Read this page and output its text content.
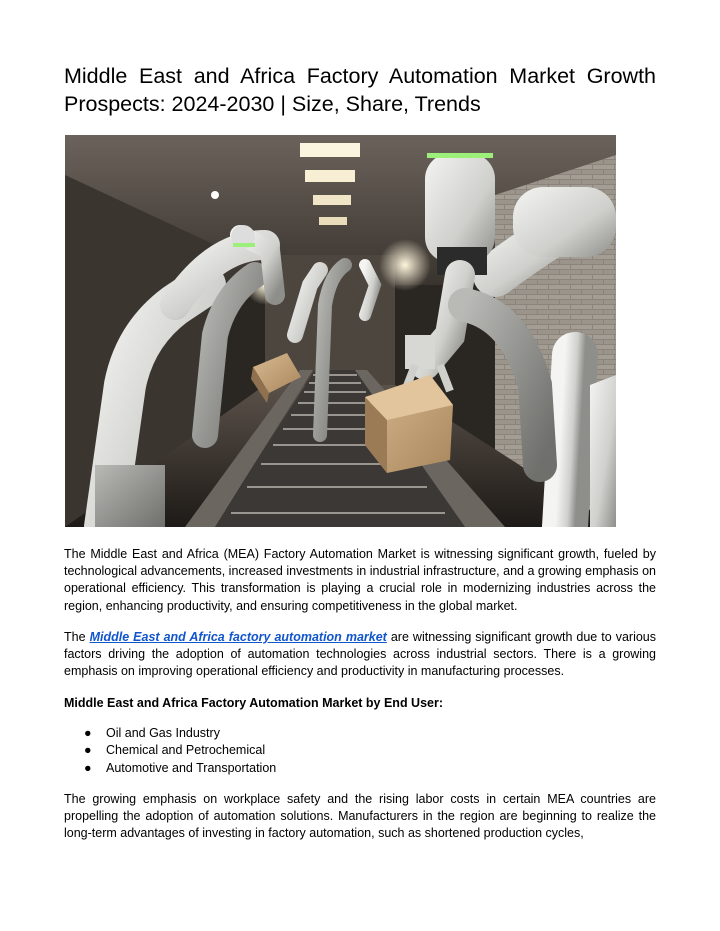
Middle East and Africa Factory Automation Market Growth Prospects: 2024-2030 | Size, Share, Trends

The Middle East and Africa (MEA) Factory Automation Market is witnessing significant growth, fueled by technological advancements, increased investments in industrial infrastructure, and a growing emphasis on operational efficiency. This transformation is playing a crucial role in modernizing industries across the region, enhancing productivity, and ensuring competitiveness in the global market.

The Middle East and Africa factory automation market are witnessing significant growth due to various factors driving the adoption of automation technologies across industrial sectors. There is a growing emphasis on improving operational efficiency and productivity in manufacturing processes.

Middle East and Africa Factory Automation Market by End User:

● Oil and Gas Industry
● Chemical and Petrochemical
● Automotive and Transportation

The growing emphasis on workplace safety and the rising labor costs in certain MEA countries are propelling the adoption of automation solutions. Manufacturers in the region are beginning to realize the long-term advantages of investing in factory automation, such as shortened production cycles,
